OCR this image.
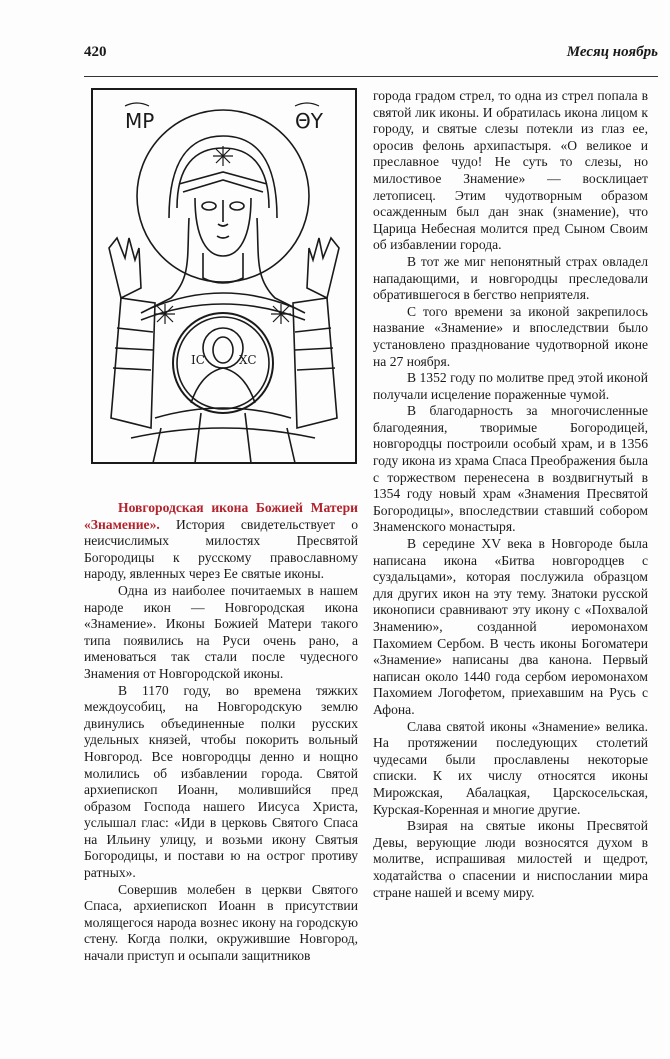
420	Месяц ноябрь
IC	XC
МР	ΘΥ

Новгородская икона Божией Матери «Знамение». История свидетельствует о неисчислимых милостях Пресвятой Богородицы к русскому православному народу, явленных через Ее святые иконы.

Одна из наиболее почитаемых в нашем народе икон — Новгородская икона «Знамение». Иконы Божией Матери такого типа появились на Руси очень рано, а именоваться так стали после чудесного Знамения от Новгородской иконы.

В 1170 году, во времена тяжких междоусобиц, на Новгородскую землю двинулись объединенные полки русских удельных князей, чтобы покорить вольный Новгород. Все новгородцы денно и нощно молились об избавлении города. Святой архиепископ Иоанн, молившийся пред образом Господа нашего Иисуса Христа, услышал глас: «Иди в церковь Святого Спаса на Ильину улицу, и возьми икону Святыя Богородицы, и постави ю на острог противу ратных».

Совершив молебен в церкви Святого Спаса, архиепископ Иоанн в присутствии молящегося народа вознес икону на городскую стену. Когда полки, окружившие Новгород, начали приступ и осыпали защитников

города градом стрел, то одна из стрел попала в святой лик иконы. И обратилась икона лицом к городу, и святые слезы потекли из глаз ее, оросив фелонь архипастыря. «О великое и преславное чудо! Не суть то слезы, но милостивое Знамение» — восклицает летописец. Этим чудотворным образом осажденным был дан знак (знамение), что Царица Небесная молится пред Сыном Своим об избавлении города.

В тот же миг непонятный страх овладел нападающими, и новгородцы преследовали обратившегося в бегство неприятеля.

С того времени за иконой закрепилось название «Знамение» и впоследствии было установлено празднование чудотворной иконе на 27 ноября.

В 1352 году по молитве пред этой иконой получали исцеление пораженные чумой.

В благодарность за многочисленные благодеяния, творимые Богородицей, новгородцы построили особый храм, и в 1356 году икона из храма Спаса Преображения была с торжеством перенесена в воздвигнутый в 1354 году новый храм «Знамения Пресвятой Богородицы», впоследствии ставший собором Знаменского монастыря.

В середине XV века в Новгороде была написана икона «Битва новгородцев с суздальцами», которая послужила образцом для других икон на эту тему. Знатоки русской иконописи сравнивают эту икону с «Похвалой Знамению», созданной иеромонахом Пахомием Сербом. В честь иконы Богоматери «Знамение» написаны два канона. Первый написан около 1440 года сербом иеромонахом Пахомием Логофетом, приехавшим на Русь с Афона.

Слава святой иконы «Знамение» велика. На протяжении последующих столетий чудесами были прославлены некоторые списки. К их числу относятся иконы Мирожская, Абалацкая, Царскосельская, Курская-Коренная и многие другие.

Взирая на святые иконы Пресвятой Девы, верующие люди возносятся духом в молитве, испрашивая милостей и щедрот, ходатайства о спасении и ниспослании мира стране нашей и всему миру.
